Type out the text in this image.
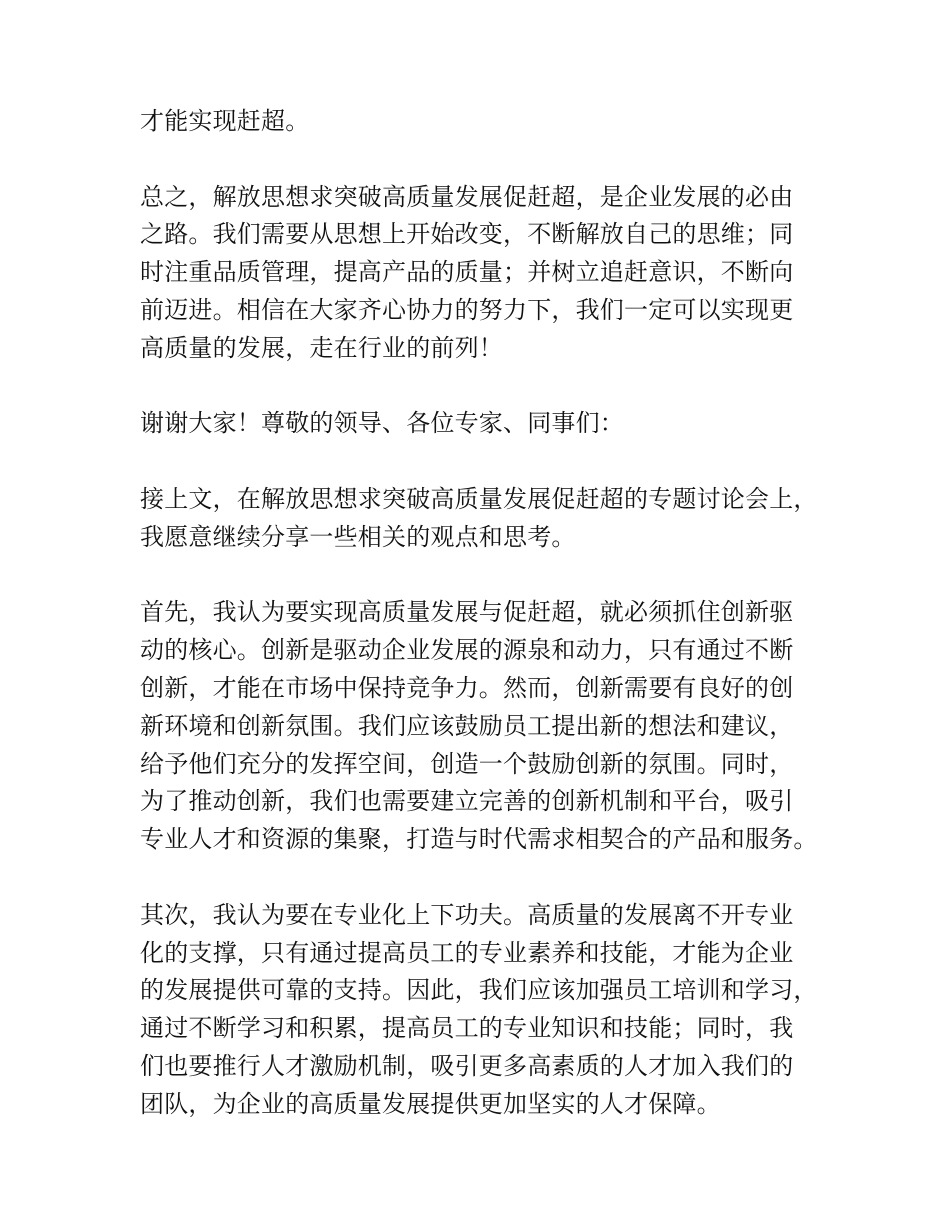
才能实现赶超。

总之，解放思想求突破高质量发展促赶超，是企业发展的必由
之路。我们需要从思想上开始改变，不断解放自己的思维；同
时注重品质管理，提高产品的质量；并树立追赶意识，不断向
前迈进。相信在大家齐心协力的努力下，我们一定可以实现更
高质量的发展，走在行业的前列！

谢谢大家！尊敬的领导、各位专家、同事们：

接上文，在解放思想求突破高质量发展促赶超的专题讨论会上，
我愿意继续分享一些相关的观点和思考。

首先，我认为要实现高质量发展与促赶超，就必须抓住创新驱
动的核心。创新是驱动企业发展的源泉和动力，只有通过不断
创新，才能在市场中保持竞争力。然而，创新需要有良好的创
新环境和创新氛围。我们应该鼓励员工提出新的想法和建议，
给予他们充分的发挥空间，创造一个鼓励创新的氛围。同时，
为了推动创新，我们也需要建立完善的创新机制和平台，吸引
专业人才和资源的集聚，打造与时代需求相契合的产品和服务。

其次，我认为要在专业化上下功夫。高质量的发展离不开专业
化的支撑，只有通过提高员工的专业素养和技能，才能为企业
的发展提供可靠的支持。因此，我们应该加强员工培训和学习，
通过不断学习和积累，提高员工的专业知识和技能；同时，我
们也要推行人才激励机制，吸引更多高素质的人才加入我们的
团队，为企业的高质量发展提供更加坚实的人才保障。
